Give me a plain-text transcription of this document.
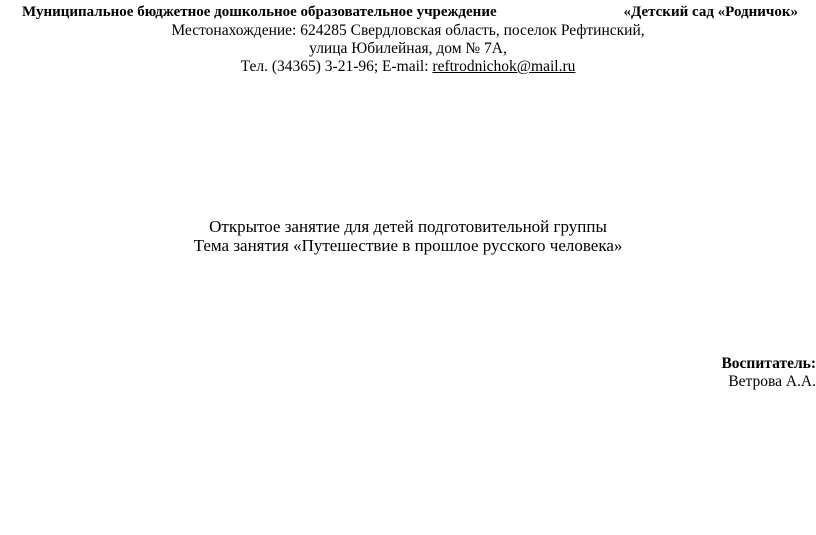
Муниципальное бюджетное дошкольное образовательное учреждение	«Детский сад «Родничок»
Местонахождение: 624285 Свердловская область, поселок Рефтинский,
улица Юбилейная, дом № 7А,
Тел. (34365) 3-21-96; E-mail: reftrodnichok@mail.ru
Открытое занятие для детей подготовительной группы
Тема занятия «Путешествие в прошлое русского человека»
Воспитатель:
Ветрова А.А.
